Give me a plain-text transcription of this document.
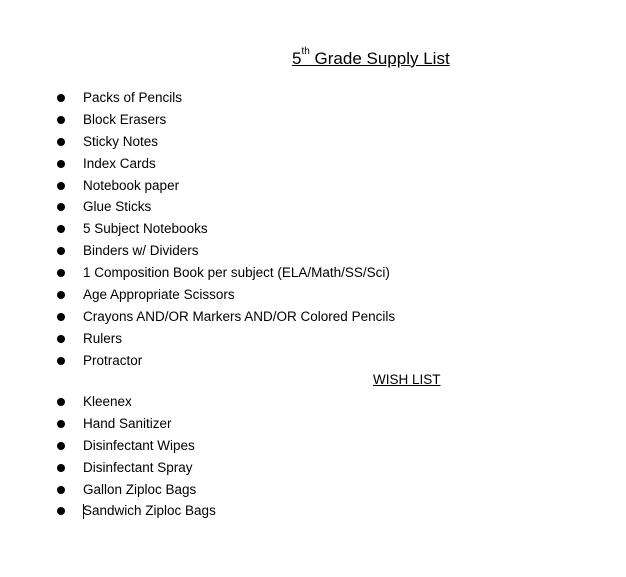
5th Grade Supply List
Packs of Pencils
Block Erasers
Sticky Notes
Index Cards
Notebook paper
Glue Sticks
5 Subject Notebooks
Binders w/ Dividers
1 Composition Book per subject (ELA/Math/SS/Sci)
Age Appropriate Scissors
Crayons AND/OR Markers AND/OR Colored Pencils
Rulers
Protractor
WISH LIST
Kleenex
Hand Sanitizer
Disinfectant Wipes
Disinfectant Spray
Gallon Ziploc Bags
Sandwich Ziploc Bags
